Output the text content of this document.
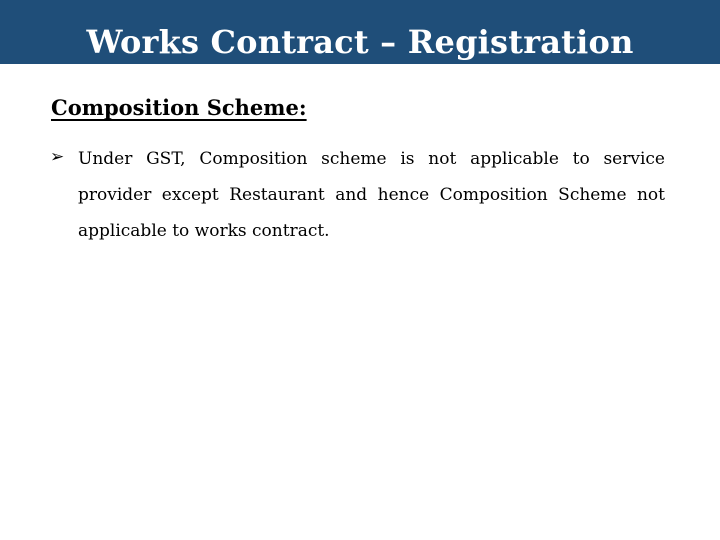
Works Contract – Registration
Composition Scheme:
➢ Under GST, Composition scheme is not applicable to service provider except Restaurant and hence Composition Scheme not applicable to works contract.
